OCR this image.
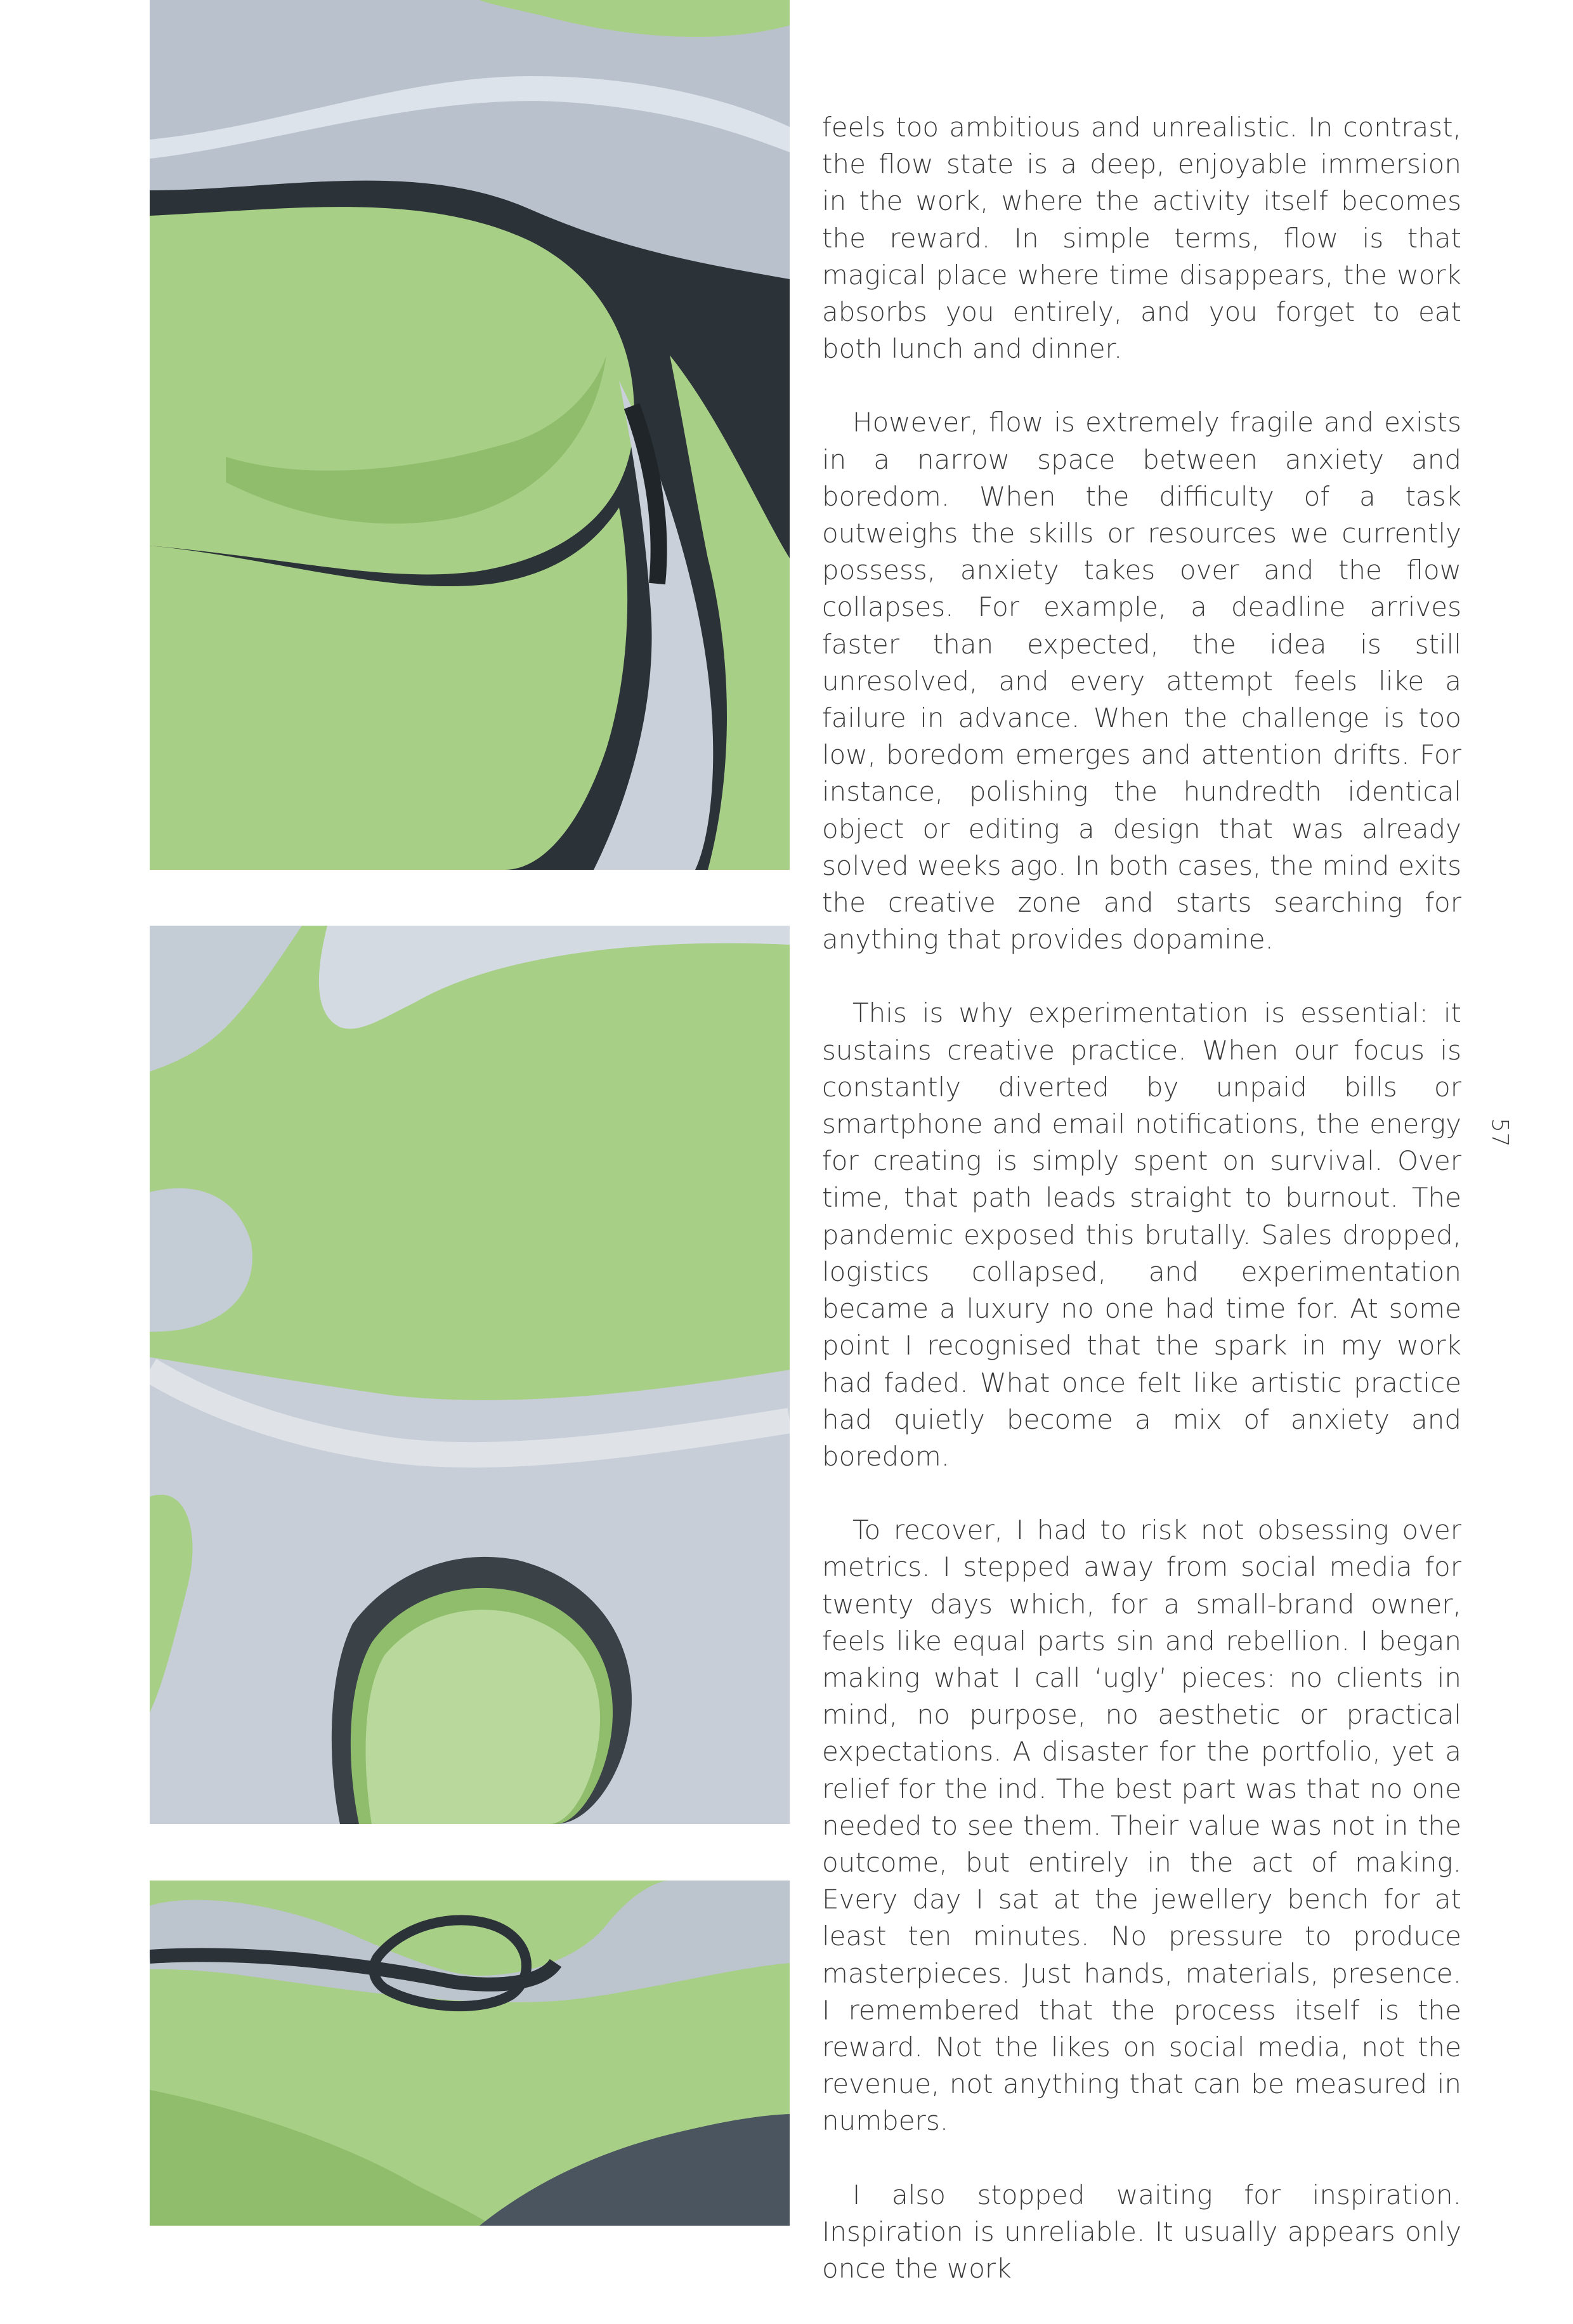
feels too ambitious and unrealistic. In contrast, the flow state is a deep, enjoyable immersion in the work, where the activity itself becomes the reward. In simple terms, flow is that magical place where time disappears, the work absorbs you entirely, and you forget to eat both lunch and dinner.

However, flow is extremely fragile and exists in a narrow space between anxiety and boredom. When the difficulty of a task outweighs the skills or resources we currently possess, anxiety takes over and the flow collapses. For example, a deadline arrives faster than expected, the idea is still unresolved, and every attempt feels like a failure in advance. When the challenge is too low, boredom emerges and attention drifts. For instance, polishing the hundredth identical object or editing a design that was already solved weeks ago. In both cases, the mind exits the creative zone and starts searching for anything that provides dopamine.

This is why experimentation is essential: it sustains creative practice. When our focus is constantly diverted by unpaid bills or smartphone and email notifications, the energy for creating is simply spent on survival. Over time, that path leads straight to burnout. The pandemic exposed this brutally. Sales dropped, logistics collapsed, and experimentation became a luxury no one had time for. At some point I recognised that the spark in my work had faded. What once felt like artistic practice had quietly become a mix of anxiety and boredom.

To recover, I had to risk not obsessing over metrics. I stepped away from social media for twenty days which, for a small-brand owner, feels like equal parts sin and rebellion. I began making what I call ‘ugly’ pieces: no clients in mind, no purpose, no aesthetic or practical expectations. A disaster for the portfolio, yet a relief for the ind. The best part was that no one needed to see them. Their value was not in the outcome, but entirely in the act of making. Every day I sat at the jewellery bench for at least ten minutes. No pressure to produce masterpieces. Just hands, materials, presence. I remembered that the process itself is the reward. Not the likes on social media, not the revenue, not anything that can be measured in numbers.

I also stopped waiting for inspiration. Inspiration is unreliable. It usually appears only once the work

57
